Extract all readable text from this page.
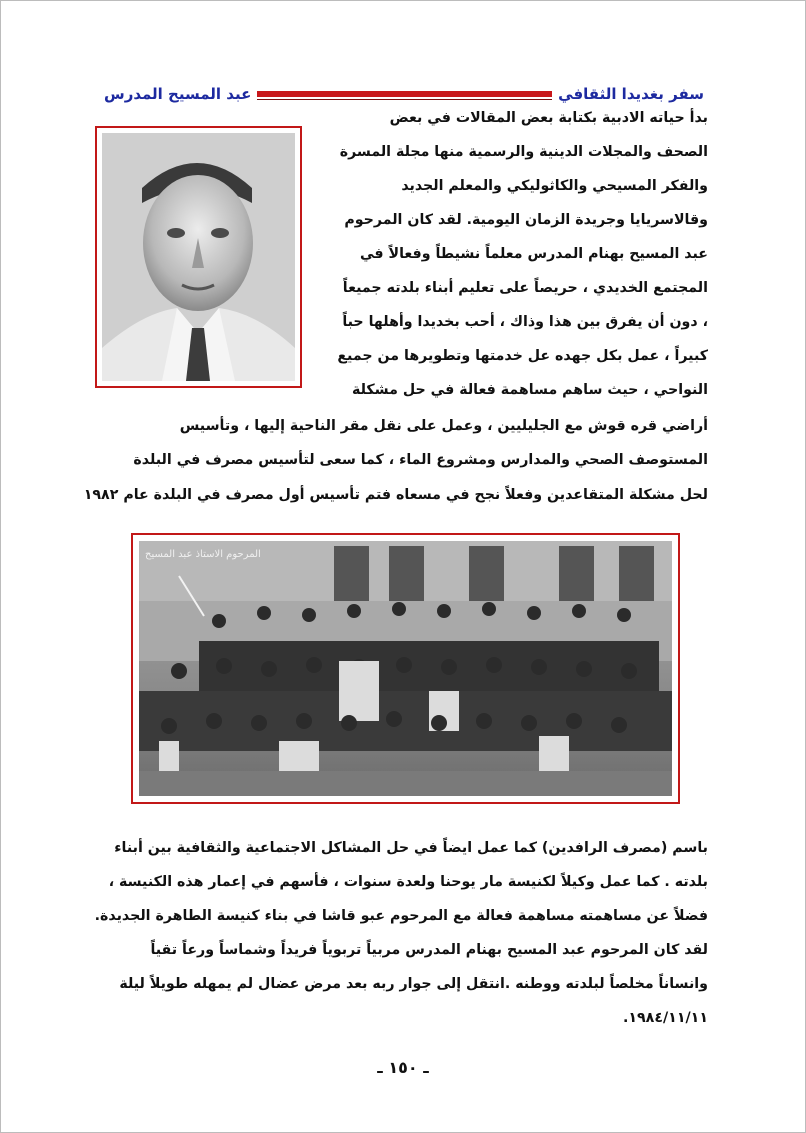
عبد المسيح المدرس	سفر بغديدا الثقافي
بدأ حياته الادبية بكتابة بعض المقالات في بعض
الصحف والمجلات الدينية والرسمية منها مجلة المسرة
والفكر المسيحي والكاثوليكي والمعلم الجديد
وقالاسريايا وجريدة الزمان اليومية. لقد كان المرحوم
عبد المسيح بهنام المدرس معلماً نشيطاً وفعالاً في
المجتمع الخديدي ، حريصاً على تعليم أبناء بلدته جميعاً
، دون أن يفرق بين هذا وذاك ، أحب بخديدا وأهلها حباً
كبيراً ، عمل بكل جهده عل خدمتها وتطويرها من جميع
النواحي ، حيث ساهم مساهمة فعالة في حل مشكلة
أراضي قره قوش مع الجليليين ، وعمل على نقل مقر الناحية إليها ، وتأسيس
المستوصف الصحي والمدارس ومشروع الماء ، كما سعى لتأسيس مصرف في البلدة
لحل مشكلة المتقاعدين وفعلاً نجح في مسعاه فتم تأسيس أول مصرف في البلدة عام ١٩٨٢
المرحوم الاستاذ عبد المسيح
باسم (مصرف الرافدين) كما عمل ايضاً في حل المشاكل الاجتماعية والثقافية بين أبناء
بلدته . كما عمل وكيلاً لكنيسة مار يوحنا ولعدة سنوات ، فأسهم في إعمار هذه الكنيسة ،
فضلاً عن مساهمته مساهمة فعالة مع المرحوم عبو قاشا في بناء كنيسة الطاهرة الجديدة.
لقد كان المرحوم عبد المسيح بهنام المدرس مربياً تربوياً فريداً وشماساً ورعاً تقياً
وانساناً مخلصاً لبلدته ووطنه .انتقل إلى جوار ربه بعد مرض عضال لم يمهله طويلاً ليلة
١٩٨٤/١١/١١.
ـ ١٥٠ ـ
